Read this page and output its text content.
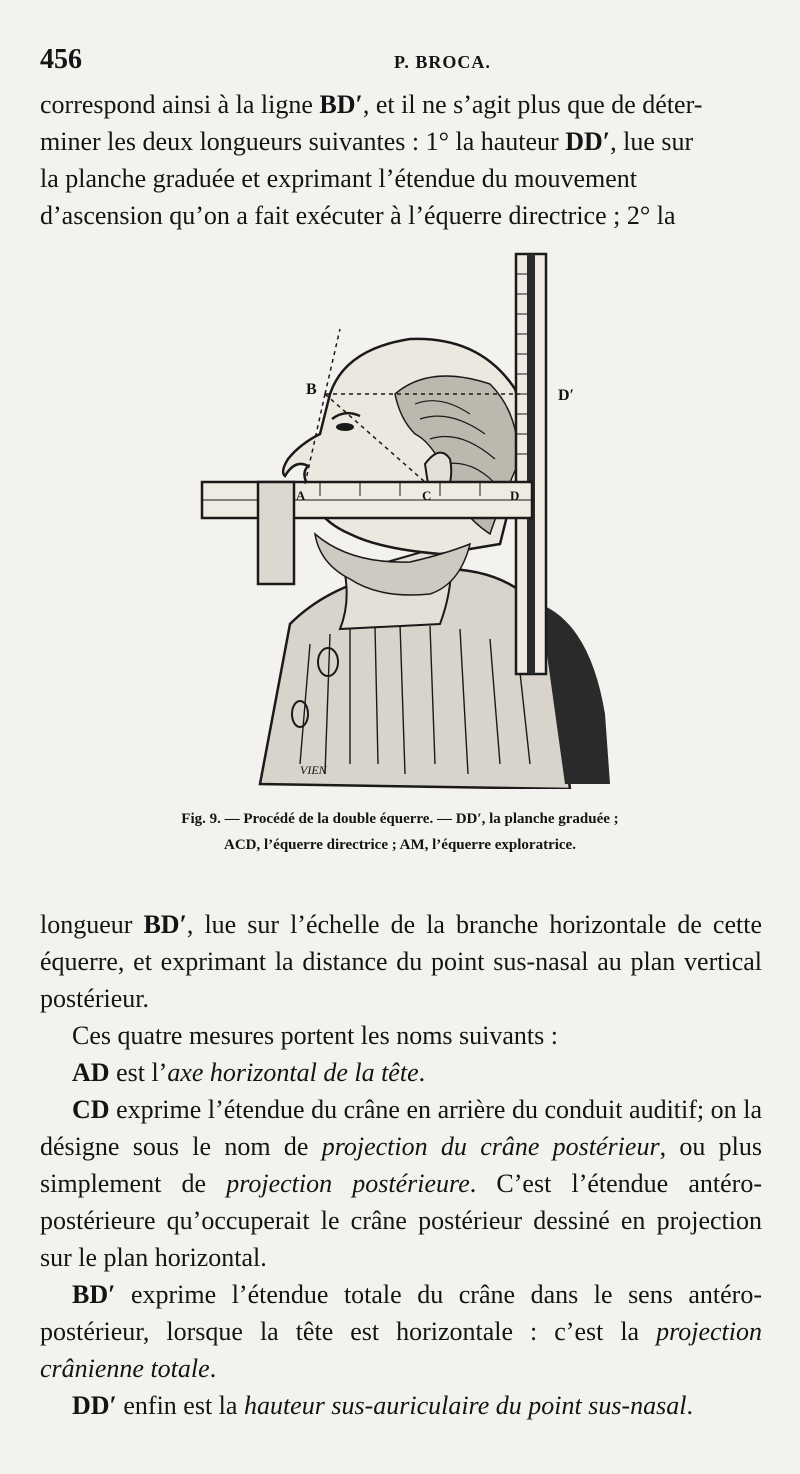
456	P. BROCA.

correspond ainsi à la ligne BD′, et il ne s’agit plus que de déter-

miner les deux longueurs suivantes : 1° la hauteur DD′, lue sur

la planche graduée et exprimant l’étendue du mouvement

d’ascension qu’on a fait exécuter à l’équerre directrice ; 2° la

B	D′
A	C	D
VIEN
Fig. 9. — Procédé de la double équerre. — DD′, la planche graduée ;
ACD, l’équerre directrice ; AM, l’équerre exploratrice.

longueur BD′, lue sur l’échelle de la branche horizontale de cette équerre, et exprimant la distance du point sus-nasal au plan vertical postérieur.

Ces quatre mesures portent les noms suivants :

AD est l’axe horizontal de la tête.

CD exprime l’étendue du crâne en arrière du conduit auditif; on la désigne sous le nom de projection du crâne postérieur, ou plus simplement de projection postérieure. C’est l’étendue antéro-postérieure qu’occuperait le crâne postérieur dessiné en projection sur le plan horizontal.

BD′ exprime l’étendue totale du crâne dans le sens antéro-postérieur, lorsque la tête est horizontale : c’est la projection crânienne totale.

DD′ enfin est la hauteur sus-auriculaire du point sus-nasal.
